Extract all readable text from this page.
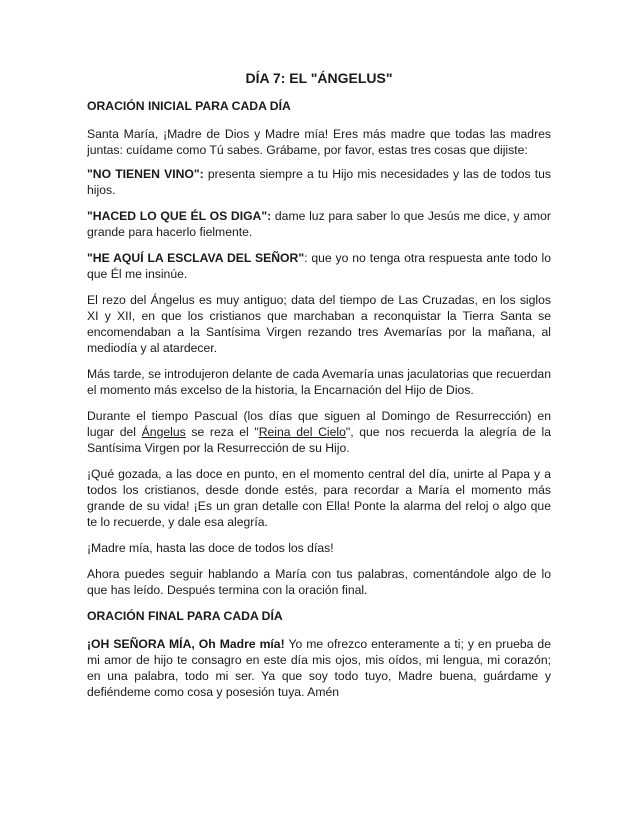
DÍA 7: EL "ÁNGELUS"
ORACIÓN INICIAL PARA CADA DÍA

Santa María, ¡Madre de Dios y Madre mía! Eres más madre que todas las madres juntas: cuídame como Tú sabes. Grábame, por favor, estas tres cosas que dijiste:

"NO TIENEN VINO": presenta siempre a tu Hijo mis necesidades y las de todos tus hijos.

"HACED LO QUE ÉL OS DIGA": dame luz para saber lo que Jesús me dice, y amor grande para hacerlo fielmente.

"HE AQUÍ LA ESCLAVA DEL SEÑOR": que yo no tenga otra respuesta ante todo lo que Él me insinúe.

El rezo del Ángelus es muy antiguo; data del tiempo de Las Cruzadas, en los siglos XI y XII, en que los cristianos que marchaban a reconquistar la Tierra Santa se encomendaban a la Santísima Virgen rezando tres Avemarías por la mañana, al mediodía y al atardecer.

Más tarde, se introdujeron delante de cada Avemaría unas jaculatorias que recuerdan el momento más excelso de la historia, la Encarnación del Hijo de Dios.

Durante el tiempo Pascual (los días que siguen al Domingo de Resurrección) en lugar del Ángelus se reza el "Reina del Cielo", que nos recuerda la alegría de la Santísima Virgen por la Resurrección de su Hijo.

¡Qué gozada, a las doce en punto, en el momento central del día, unirte al Papa y a todos los cristianos, desde donde estés, para recordar a María el momento más grande de su vida! ¡Es un gran detalle con Ella! Ponte la alarma del reloj o algo que te lo recuerde, y dale esa alegría.

¡Madre mía, hasta las doce de todos los días!

Ahora puedes seguir hablando a María con tus palabras, comentándole algo de lo que has leído. Después termina con la oración final.

ORACIÓN FINAL PARA CADA DÍA

¡OH SEÑORA MÍA, Oh Madre mía! Yo me ofrezco enteramente a ti; y en prueba de mi amor de hijo te consagro en este día mis ojos, mis oídos, mi lengua, mi corazón; en una palabra, todo mi ser. Ya que soy todo tuyo, Madre buena, guárdame y defiéndeme como cosa y posesión tuya. Amén
